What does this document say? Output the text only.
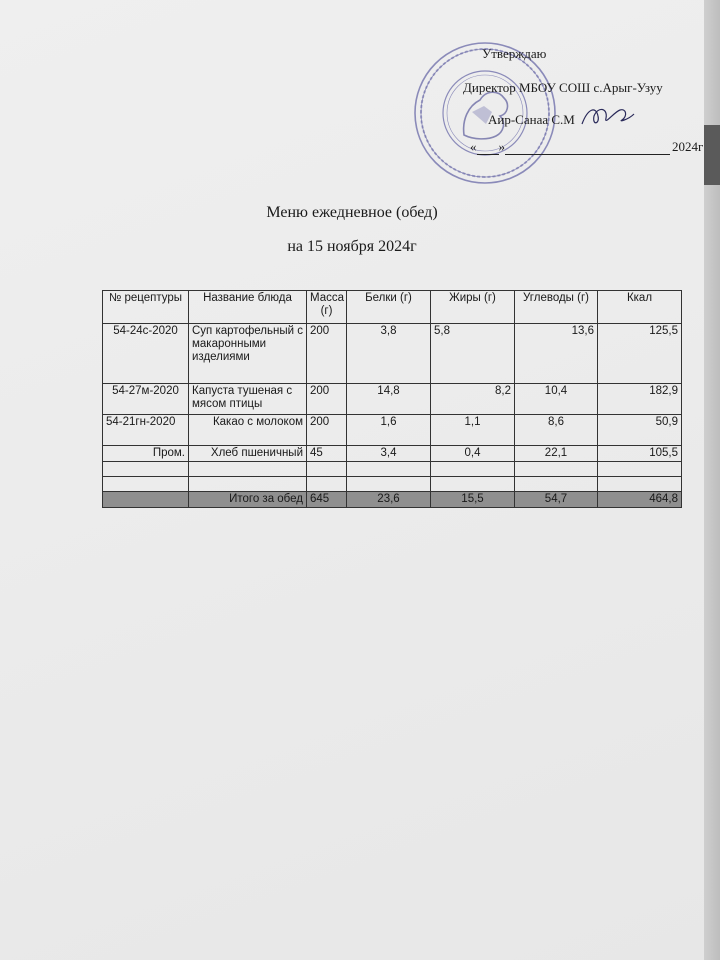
Утверждаю
Директор МБОУ СОШ с.Арыг-Узуу
Аир-Санаа С.М
« »	2024г
Меню ежедневное (обед)
на 15 ноября 2024г
№ рецептуры	Название блюда	Масса (г)	Белки (г)	Жиры (г)	Углеводы (г)	Ккал
54-24с-2020	Суп картофельный с макаронными изделиями	200	3,8	5,8	13,6	125,5
54-27м-2020	Капуста тушеная с мясом птицы	200	14,8	8,2	10,4	182,9
54-21гн-2020	Какао с молоком	200	1,6	1,1	8,6	50,9
Пром.	Хлеб пшеничный	45	3,4	0,4	22,1	105,5

	Итого за обед	645	23,6	15,5	54,7	464,8
